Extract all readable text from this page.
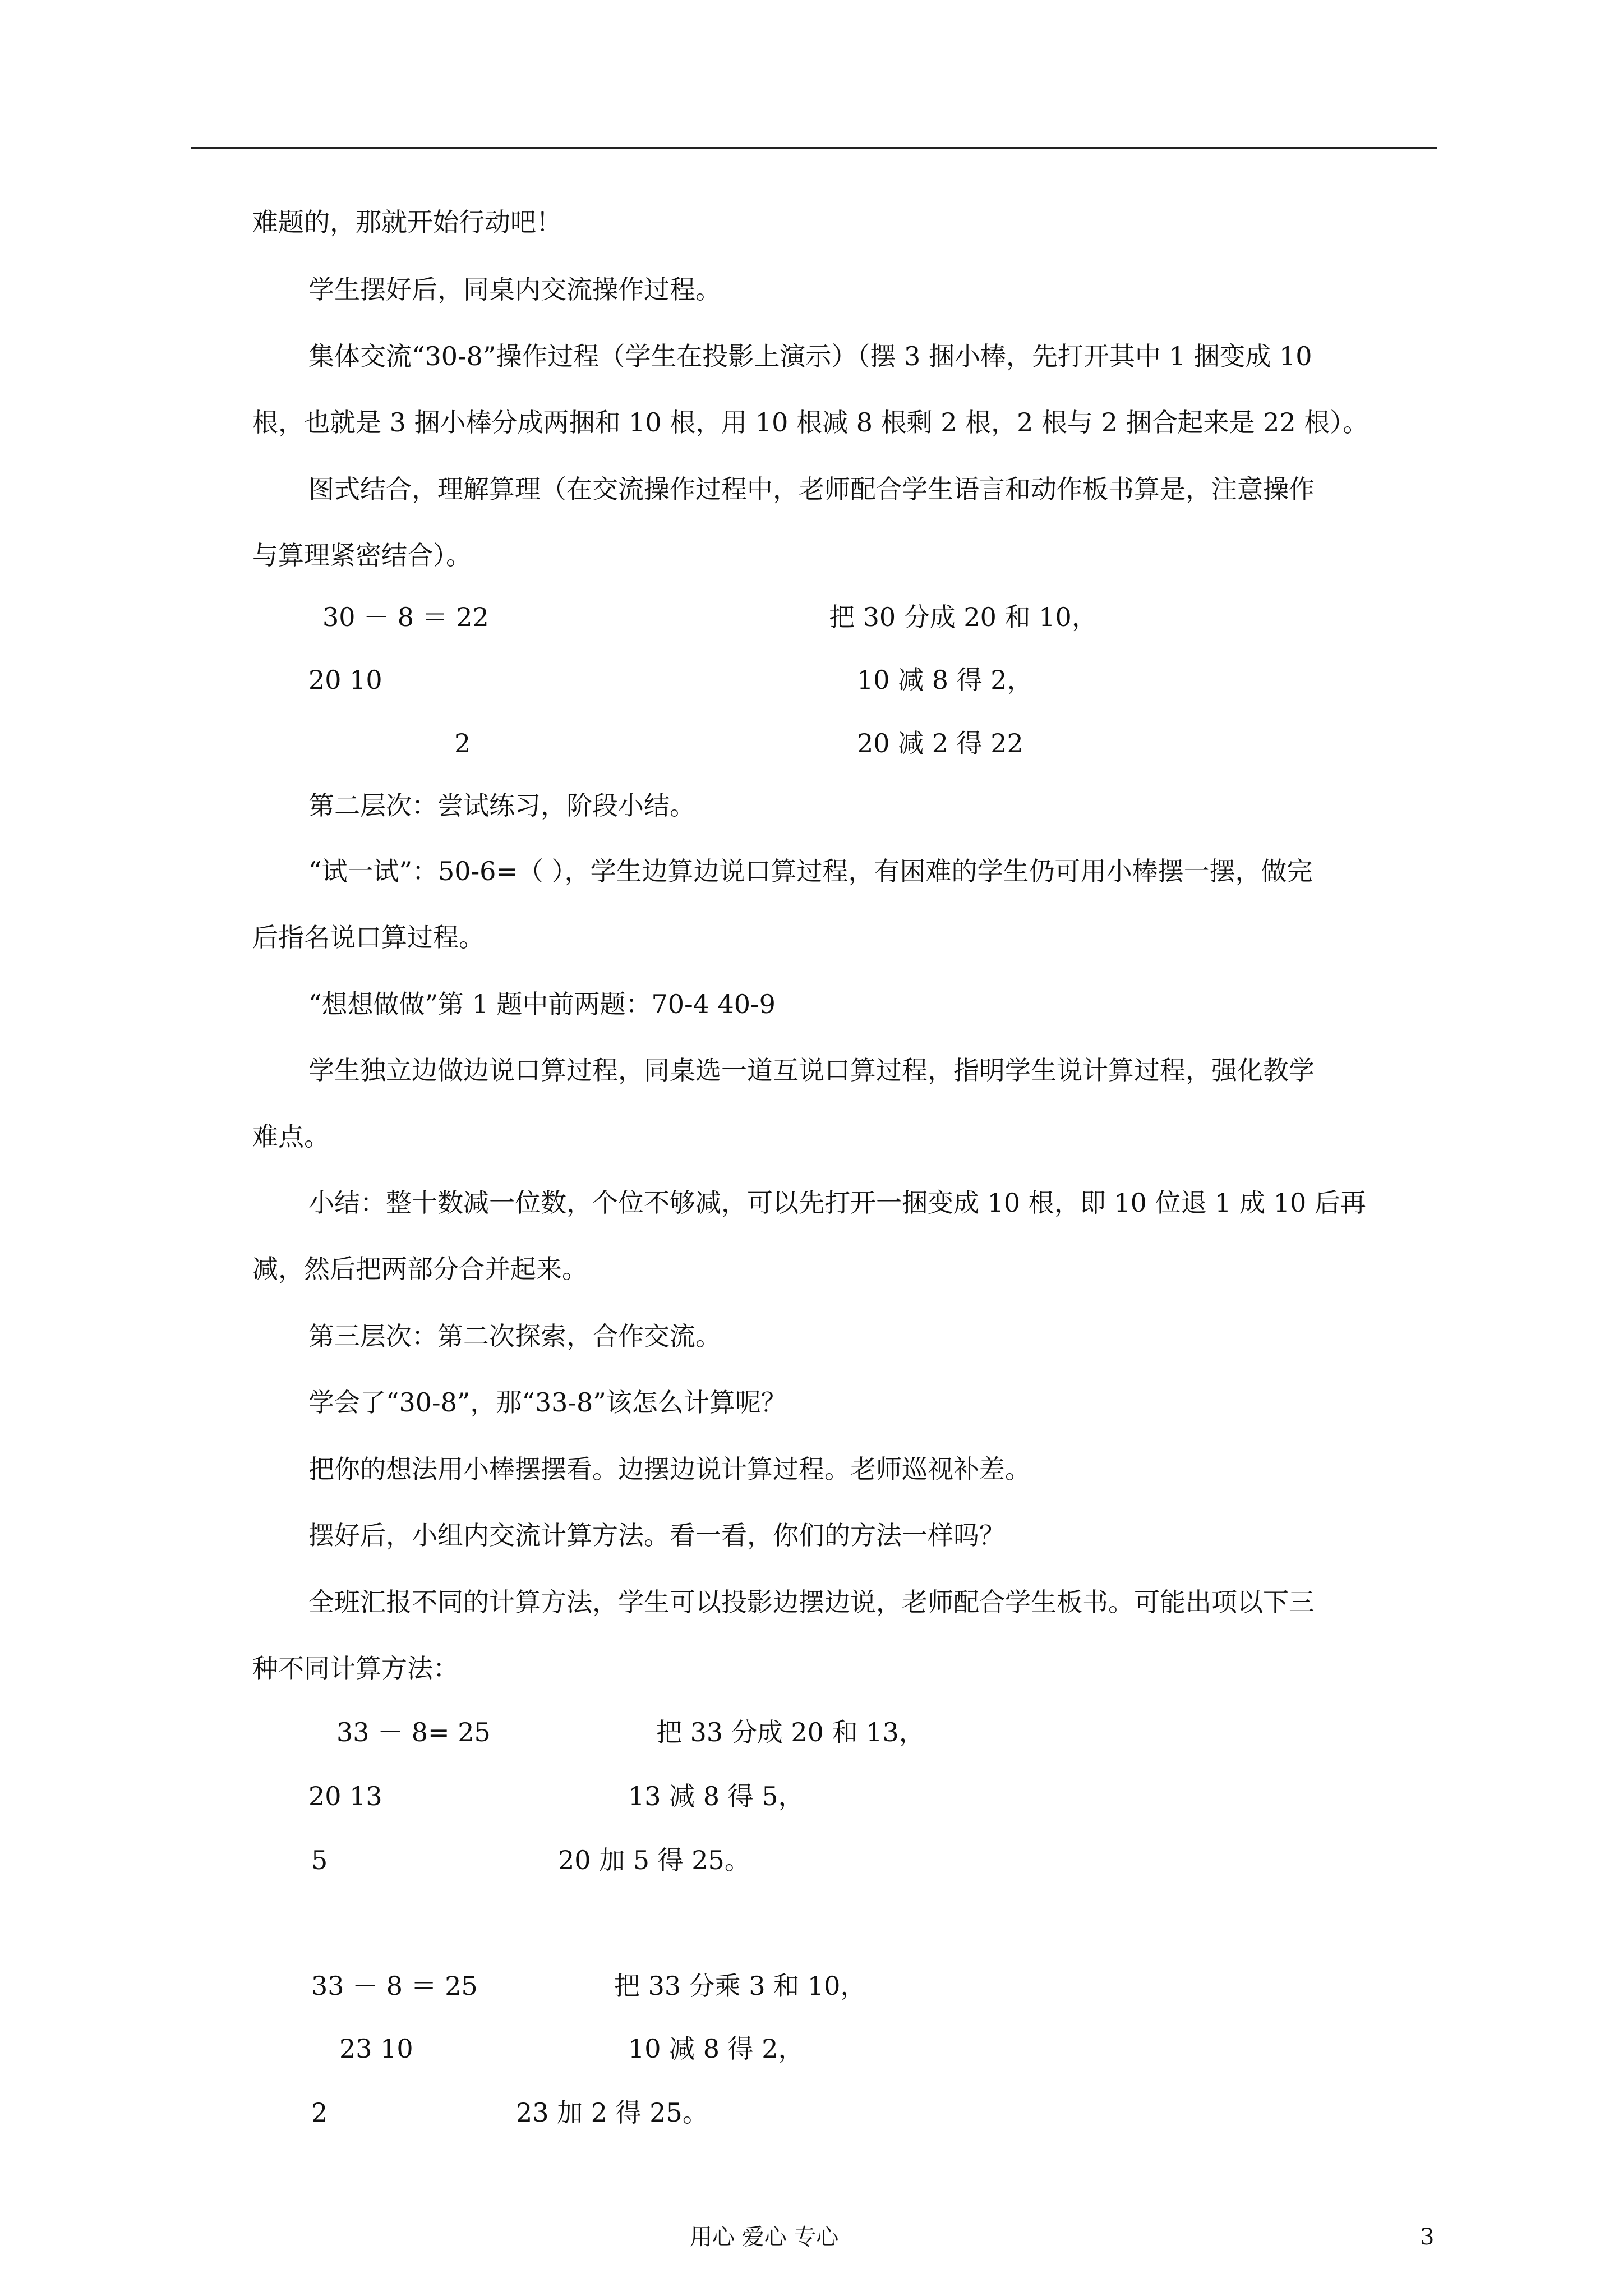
难题的，那就开始行动吧！
学生摆好后，同桌内交流操作过程。
集体交流“30-8”操作过程（学生在投影上演示）（摆 3 捆小棒，先打开其中 1 捆变成 10
根，也就是 3 捆小棒分成两捆和 10 根，用 10 根减 8 根剩 2 根，2 根与 2 捆合起来是 22 根）。
图式结合，理解算理（在交流操作过程中，老师配合学生语言和动作板书算是，注意操作
与算理紧密结合）。
30 － 8 ＝ 22	把 30 分成 20 和 10，
20 10	10 减 8 得 2，
2	20 减 2 得 22
第二层次：尝试练习，阶段小结。
“试一试”：50-6=（ ），学生边算边说口算过程，有困难的学生仍可用小棒摆一摆，做完
后指名说口算过程。
“想想做做”第 1 题中前两题：70-4 40-9
学生独立边做边说口算过程，同桌选一道互说口算过程，指明学生说计算过程，强化教学
难点。
小结：整十数减一位数，个位不够减，可以先打开一捆变成 10 根，即 10 位退 1 成 10 后再
减，然后把两部分合并起来。
第三层次：第二次探索，合作交流。
学会了“30-8”，那“33-8”该怎么计算呢？
把你的想法用小棒摆摆看。边摆边说计算过程。老师巡视补差。
摆好后，小组内交流计算方法。看一看，你们的方法一样吗？
全班汇报不同的计算方法，学生可以投影边摆边说，老师配合学生板书。可能出项以下三
种不同计算方法：
33 － 8= 25	把 33 分成 20 和 13，
20 13	13 减 8 得 5，
5	20 加 5 得 25。
33 － 8 ＝ 25	把 33 分乘 3 和 10，
23 10	10 减 8 得 2，
2	23 加 2 得 25。
用心 爱心 专心	3
